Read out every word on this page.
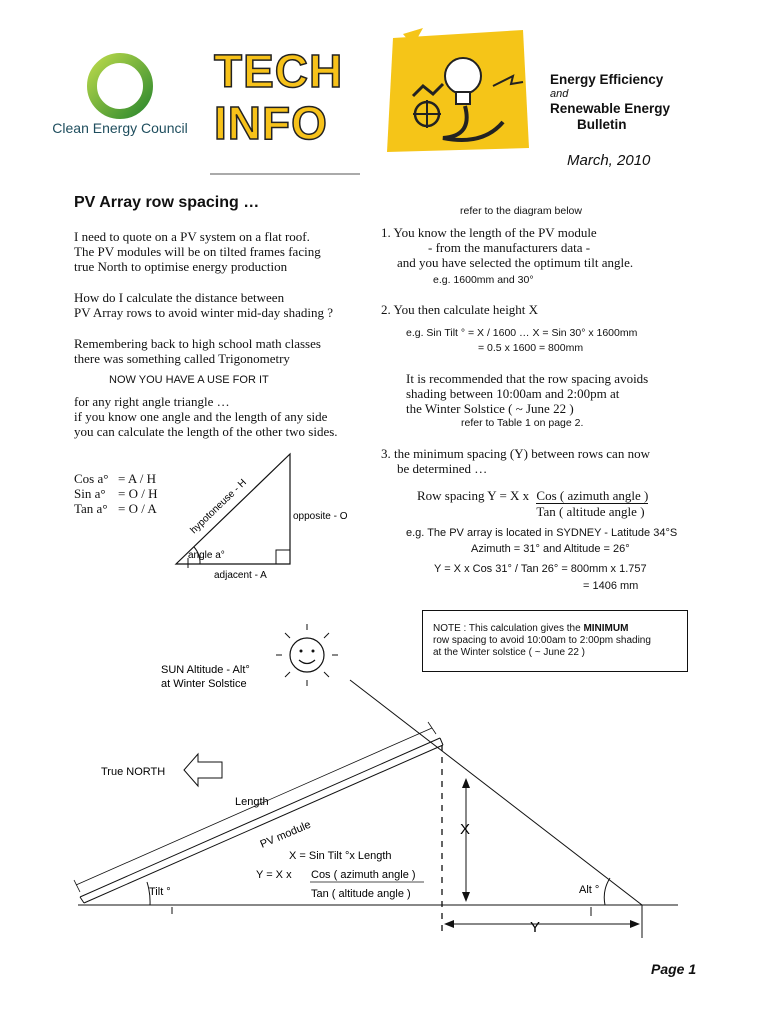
Clean Energy Council
TECH
INFO
Energy Efficiency
and
Renewable Energy
Bulletin
March, 2010
PV Array row spacing …
I need to quote on a PV system on a flat roof.
The PV modules will be on tilted frames facing
true North to optimise energy production
How do I calculate the distance between
PV Array rows to avoid winter mid-day shading ?
Remembering back to high school math classes
there was something called Trigonometry
NOW YOU HAVE A USE FOR IT
for any right angle triangle …
if you know one angle and the length of any side
you can calculate the length of the other two sides.
Cos a° = A / H
Sin a° = O / H
Tan a° = O / A	hypotoneuse - H	opposite - O
adjacent - A
angle a°
refer to the diagram below
1. You know the length of the PV module
- from the manufacturers data -
and you have selected the optimum tilt angle.
e.g. 1600mm and 30°
2. You then calculate height X
e.g. Sin Tilt ° = X / 1600 … X = Sin 30° x 1600mm
= 0.5 x 1600 = 800mm
It is recommended that the row spacing avoids
shading between 10:00am and 2:00pm at
the Winter Solstice ( ~ June 22 )
refer to Table 1 on page 2.
3. the minimum spacing (Y) between rows can now
be determined …
Row spacing Y = X x Cos ( azimuth angle )
Tan ( altitude angle )
e.g. The PV array is located in SYDNEY - Latitude 34°S
Azimuth = 31° and Altitude = 26°
Y = X x Cos 31° / Tan 26° = 800mm x 1.757
= 1406 mm
NOTE : This calculation gives the MINIMUM
row spacing to avoid 10:00am to 2:00pm shading
at the Winter solstice ( ~ June 22 )
SUN Altitude - Alt°
at Winter Solstice
X
Y
True NORTH
Length
PV module
X = Sin Tilt °x Length
Y = X x Cos ( azimuth angle )
Tan ( altitude angle )
Tilt °	Alt °
Page 1
